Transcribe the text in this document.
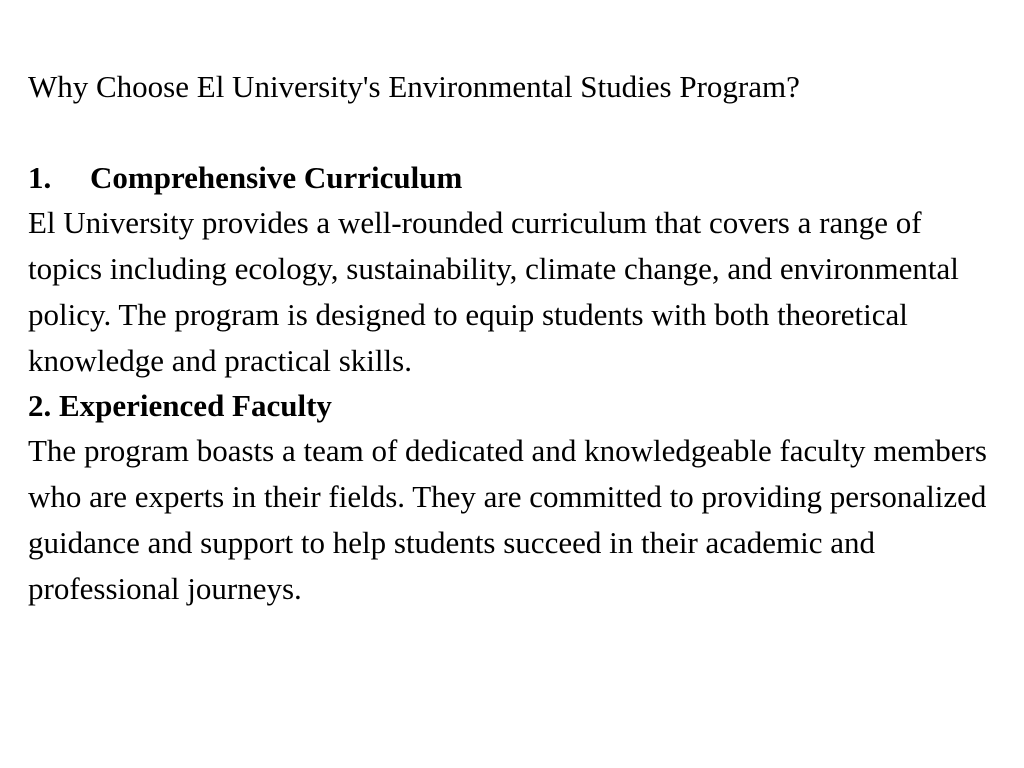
Why Choose El University's Environmental Studies Program?

1. Comprehensive Curriculum

El University provides a well-rounded curriculum that covers a range of topics including ecology, sustainability, climate change, and environmental policy. The program is designed to equip students with both theoretical knowledge and practical skills.

2. Experienced Faculty

The program boasts a team of dedicated and knowledgeable faculty members who are experts in their fields. They are committed to providing personalized guidance and support to help students succeed in their academic and professional journeys.
